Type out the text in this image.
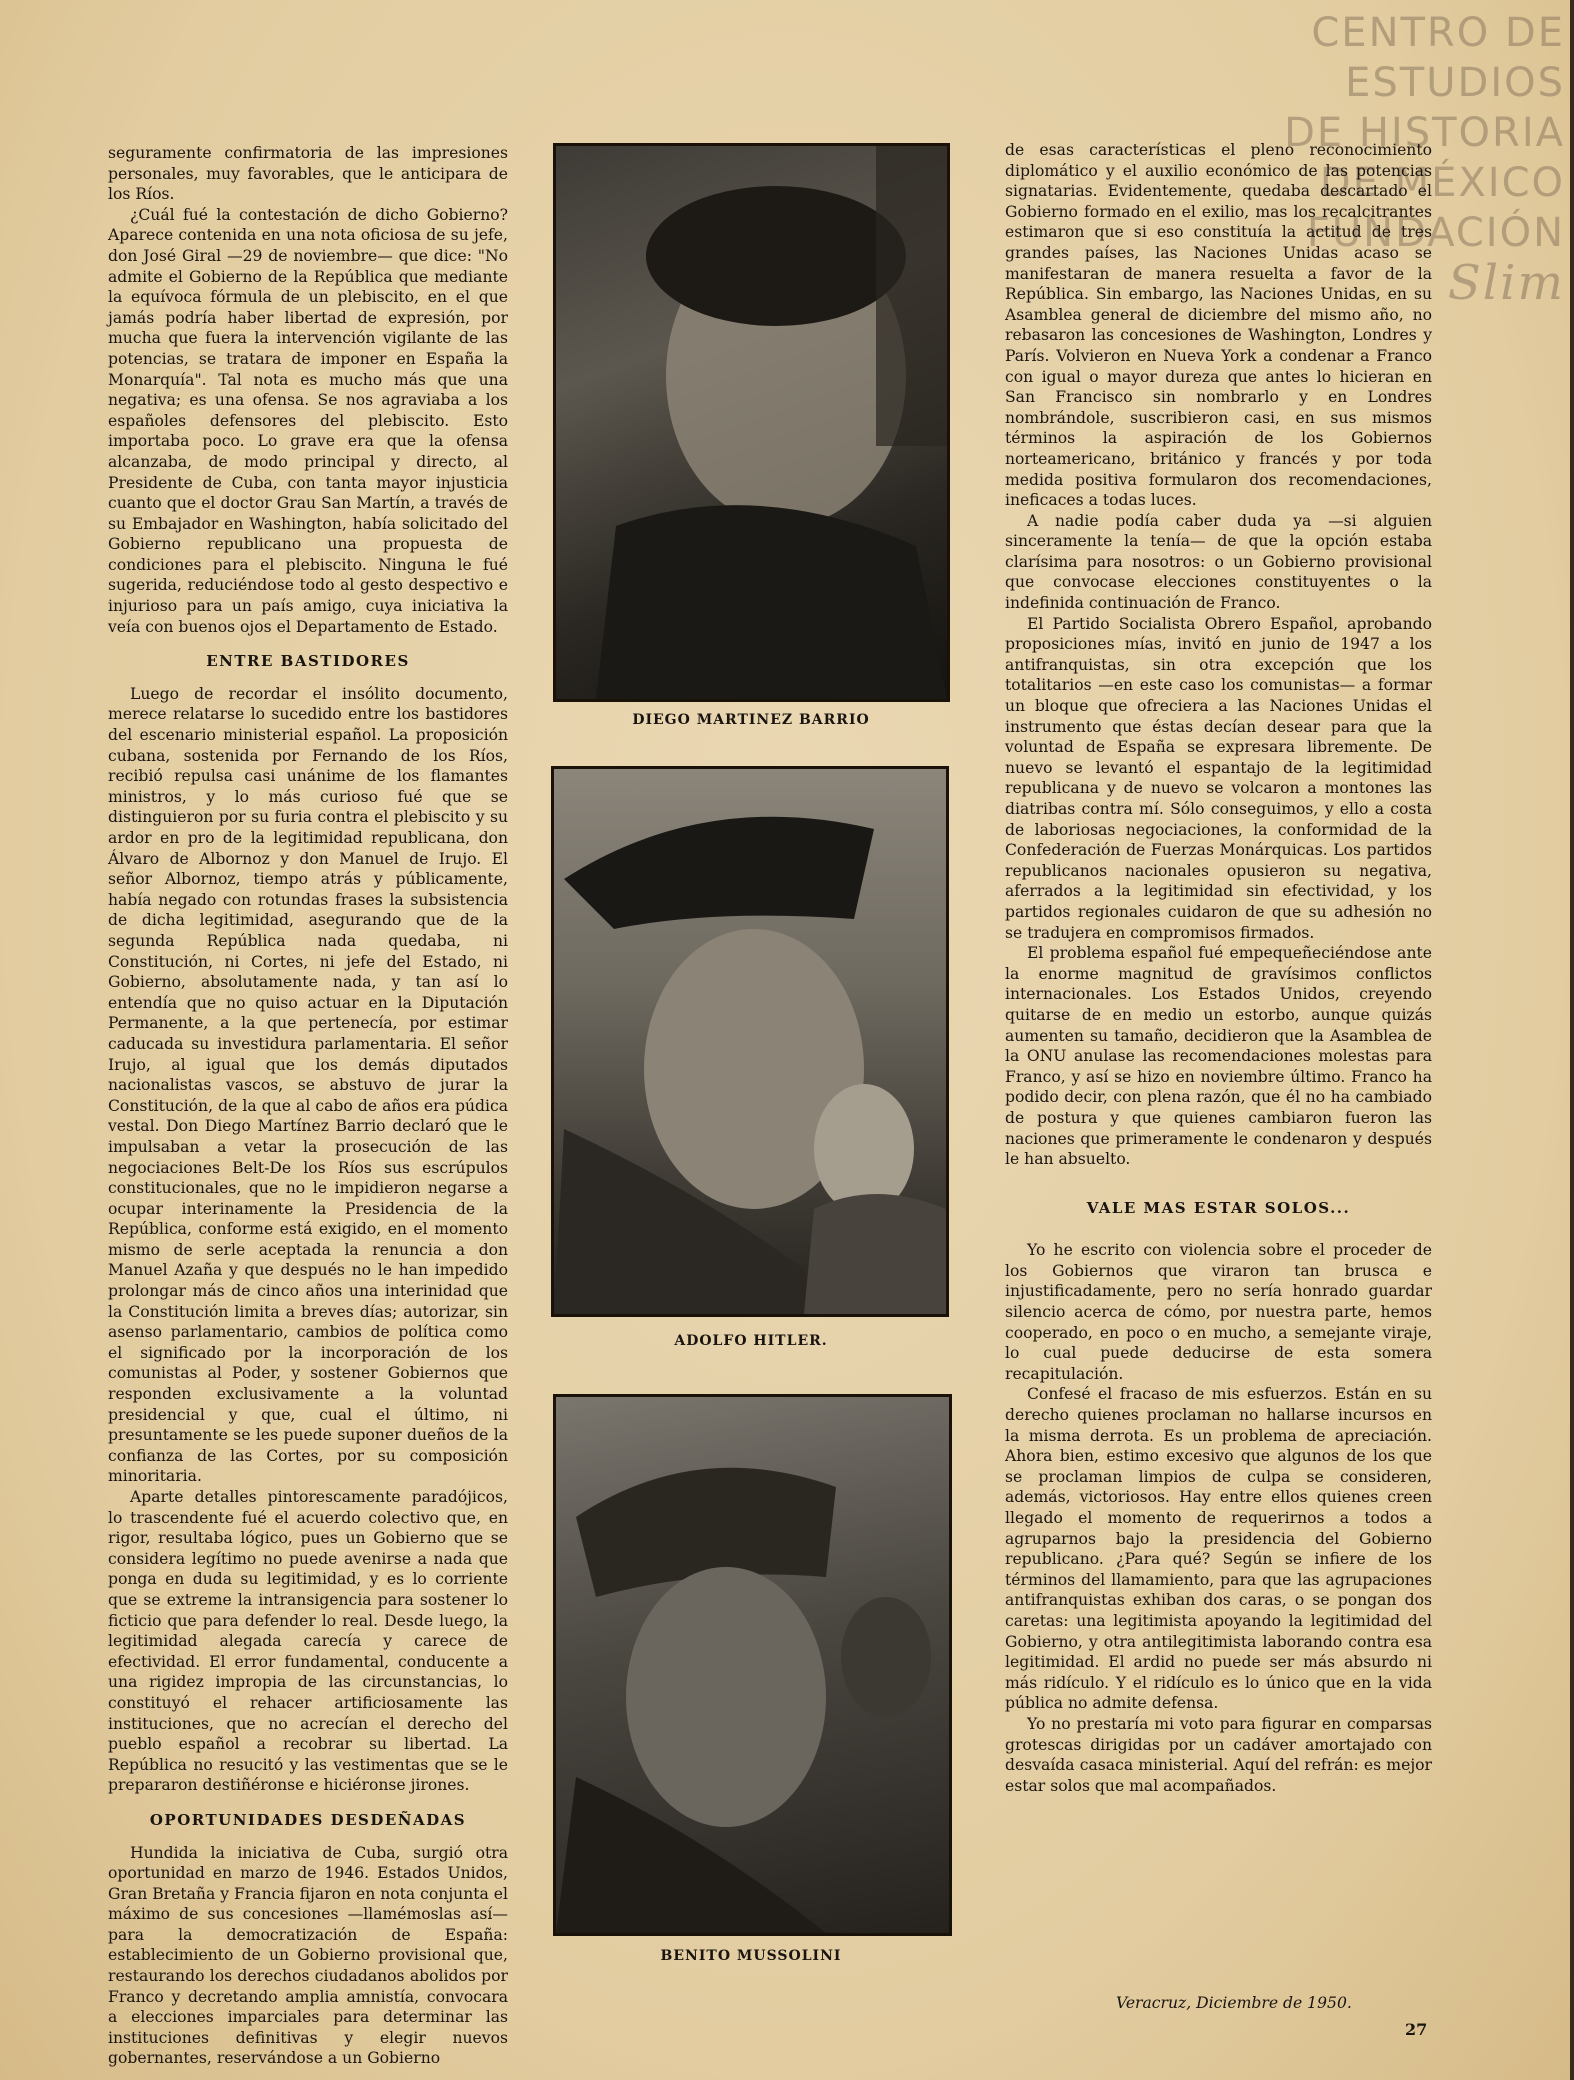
CENTRO DE
ESTUDIOS
DE HISTORIA
DE MÉXICO
FUNDACIÓN
Slim

seguramente confirmatoria de las impresiones personales, muy favorables, que le anticipara de los Ríos.

¿Cuál fué la contestación de dicho Gobierno? Aparece contenida en una nota oficiosa de su jefe, don José Giral —29 de noviembre— que dice: "No admite el Gobierno de la República que mediante la equívoca fórmula de un plebiscito, en el que jamás podría haber libertad de expresión, por mucha que fuera la intervención vigilante de las potencias, se tratara de imponer en España la Monarquía". Tal nota es mucho más que una negativa; es una ofensa. Se nos agraviaba a los españoles defensores del plebiscito. Esto importaba poco. Lo grave era que la ofensa alcanzaba, de modo principal y directo, al Presidente de Cuba, con tanta mayor injusticia cuanto que el doctor Grau San Martín, a través de su Embajador en Washington, había solicitado del Gobierno republicano una propuesta de condiciones para el plebiscito. Ninguna le fué sugerida, reduciéndose todo al gesto despectivo e injurioso para un país amigo, cuya iniciativa la veía con buenos ojos el Departamento de Estado.

ENTRE BASTIDORES

Luego de recordar el insólito documento, merece relatarse lo sucedido entre los bastidores del escenario ministerial español. La proposición cubana, sostenida por Fernando de los Ríos, recibió repulsa casi unánime de los flamantes ministros, y lo más curioso fué que se distinguieron por su furia contra el plebiscito y su ardor en pro de la legitimidad republicana, don Álvaro de Albornoz y don Manuel de Irujo. El señor Albornoz, tiempo atrás y públicamente, había negado con rotundas frases la subsistencia de dicha legitimidad, asegurando que de la segunda República nada quedaba, ni Constitución, ni Cortes, ni jefe del Estado, ni Gobierno, absolutamente nada, y tan así lo entendía que no quiso actuar en la Diputación Permanente, a la que pertenecía, por estimar caducada su investidura parlamentaria. El señor Irujo, al igual que los demás diputados nacionalistas vascos, se abstuvo de jurar la Constitución, de la que al cabo de años era púdica vestal. Don Diego Martínez Barrio declaró que le impulsaban a vetar la prosecución de las negociaciones Belt-De los Ríos sus escrúpulos constitucionales, que no le impidieron negarse a ocupar interinamente la Presidencia de la República, conforme está exigido, en el momento mismo de serle aceptada la renuncia a don Manuel Azaña y que después no le han impedido prolongar más de cinco años una interinidad que la Constitución limita a breves días; autorizar, sin asenso parlamentario, cambios de política como el significado por la incorporación de los comunistas al Poder, y sostener Gobiernos que responden exclusivamente a la voluntad presidencial y que, cual el último, ni presuntamente se les puede suponer dueños de la confianza de las Cortes, por su composición minoritaria.

Aparte detalles pintorescamente paradójicos, lo trascendente fué el acuerdo colectivo que, en rigor, resultaba lógico, pues un Gobierno que se considera legítimo no puede avenirse a nada que ponga en duda su legitimidad, y es lo corriente que se extreme la intransigencia para sostener lo ficticio que para defender lo real. Desde luego, la legitimidad alegada carecía y carece de efectividad. El error fundamental, conducente a una rigidez impropia de las circunstancias, lo constituyó el rehacer artificiosamente las instituciones, que no acrecían el derecho del pueblo español a recobrar su libertad. La República no resucitó y las vestimentas que se le prepararon destiñéronse e hiciéronse jirones.

OPORTUNIDADES DESDEÑADAS

Hundida la iniciativa de Cuba, surgió otra oportunidad en marzo de 1946. Estados Unidos, Gran Bretaña y Francia fijaron en nota conjunta el máximo de sus concesiones —llamémoslas así— para la democratización de España: establecimiento de un Gobierno provisional que, restaurando los derechos ciudadanos abolidos por Franco y decretando amplia amnistía, convocara a elecciones imparciales para determinar las instituciones definitivas y elegir nuevos gobernantes, reservándose a un Gobierno

DIEGO MARTINEZ BARRIO
ADOLFO HITLER.
BENITO MUSSOLINI

de esas características el pleno reconocimiento diplomático y el auxilio económico de las potencias signatarias. Evidentemente, quedaba descartado el Gobierno formado en el exilio, mas los recalcitrantes estimaron que si eso constituía la actitud de tres grandes países, las Naciones Unidas acaso se manifestaran de manera resuelta a favor de la República. Sin embargo, las Naciones Unidas, en su Asamblea general de diciembre del mismo año, no rebasaron las concesiones de Washington, Londres y París. Volvieron en Nueva York a condenar a Franco con igual o mayor dureza que antes lo hicieran en San Francisco sin nombrarlo y en Londres nombrándole, suscribieron casi, en sus mismos términos la aspiración de los Gobiernos norteamericano, británico y francés y por toda medida positiva formularon dos recomendaciones, ineficaces a todas luces.

A nadie podía caber duda ya —si alguien sinceramente la tenía— de que la opción estaba clarísima para nosotros: o un Gobierno provisional que convocase elecciones constituyentes o la indefinida continuación de Franco.

El Partido Socialista Obrero Español, aprobando proposiciones mías, invitó en junio de 1947 a los antifranquistas, sin otra excepción que los totalitarios —en este caso los comunistas— a formar un bloque que ofreciera a las Naciones Unidas el instrumento que éstas decían desear para que la voluntad de España se expresara libremente. De nuevo se levantó el espantajo de la legitimidad republicana y de nuevo se volcaron a montones las diatribas contra mí. Sólo conseguimos, y ello a costa de laboriosas negociaciones, la conformidad de la Confederación de Fuerzas Monárquicas. Los partidos republicanos nacionales opusieron su negativa, aferrados a la legitimidad sin efectividad, y los partidos regionales cuidaron de que su adhesión no se tradujera en compromisos firmados.

El problema español fué empequeñeciéndose ante la enorme magnitud de gravísimos conflictos internacionales. Los Estados Unidos, creyendo quitarse de en medio un estorbo, aunque quizás aumenten su tamaño, decidieron que la Asamblea de la ONU anulase las recomendaciones molestas para Franco, y así se hizo en noviembre último. Franco ha podido decir, con plena razón, que él no ha cambiado de postura y que quienes cambiaron fueron las naciones que primeramente le condenaron y después le han absuelto.

VALE MAS ESTAR SOLOS...

Yo he escrito con violencia sobre el proceder de los Gobiernos que viraron tan brusca e injustificadamente, pero no sería honrado guardar silencio acerca de cómo, por nuestra parte, hemos cooperado, en poco o en mucho, a semejante viraje, lo cual puede deducirse de esta somera recapitulación.

Confesé el fracaso de mis esfuerzos. Están en su derecho quienes proclaman no hallarse incursos en la misma derrota. Es un problema de apreciación. Ahora bien, estimo excesivo que algunos de los que se proclaman limpios de culpa se consideren, además, victoriosos. Hay entre ellos quienes creen llegado el momento de requerirnos a todos a agruparnos bajo la presidencia del Gobierno republicano. ¿Para qué? Según se infiere de los términos del llamamiento, para que las agrupaciones antifranquistas exhiban dos caras, o se pongan dos caretas: una legitimista apoyando la legitimidad del Gobierno, y otra antilegitimista laborando contra esa legitimidad. El ardid no puede ser más absurdo ni más ridículo. Y el ridículo es lo único que en la vida pública no admite defensa.

Yo no prestaría mi voto para figurar en comparsas grotescas dirigidas por un cadáver amortajado con desvaída casaca ministerial. Aquí del refrán: es mejor estar solos que mal acompañados.

Veracruz, Diciembre de 1950.
27
